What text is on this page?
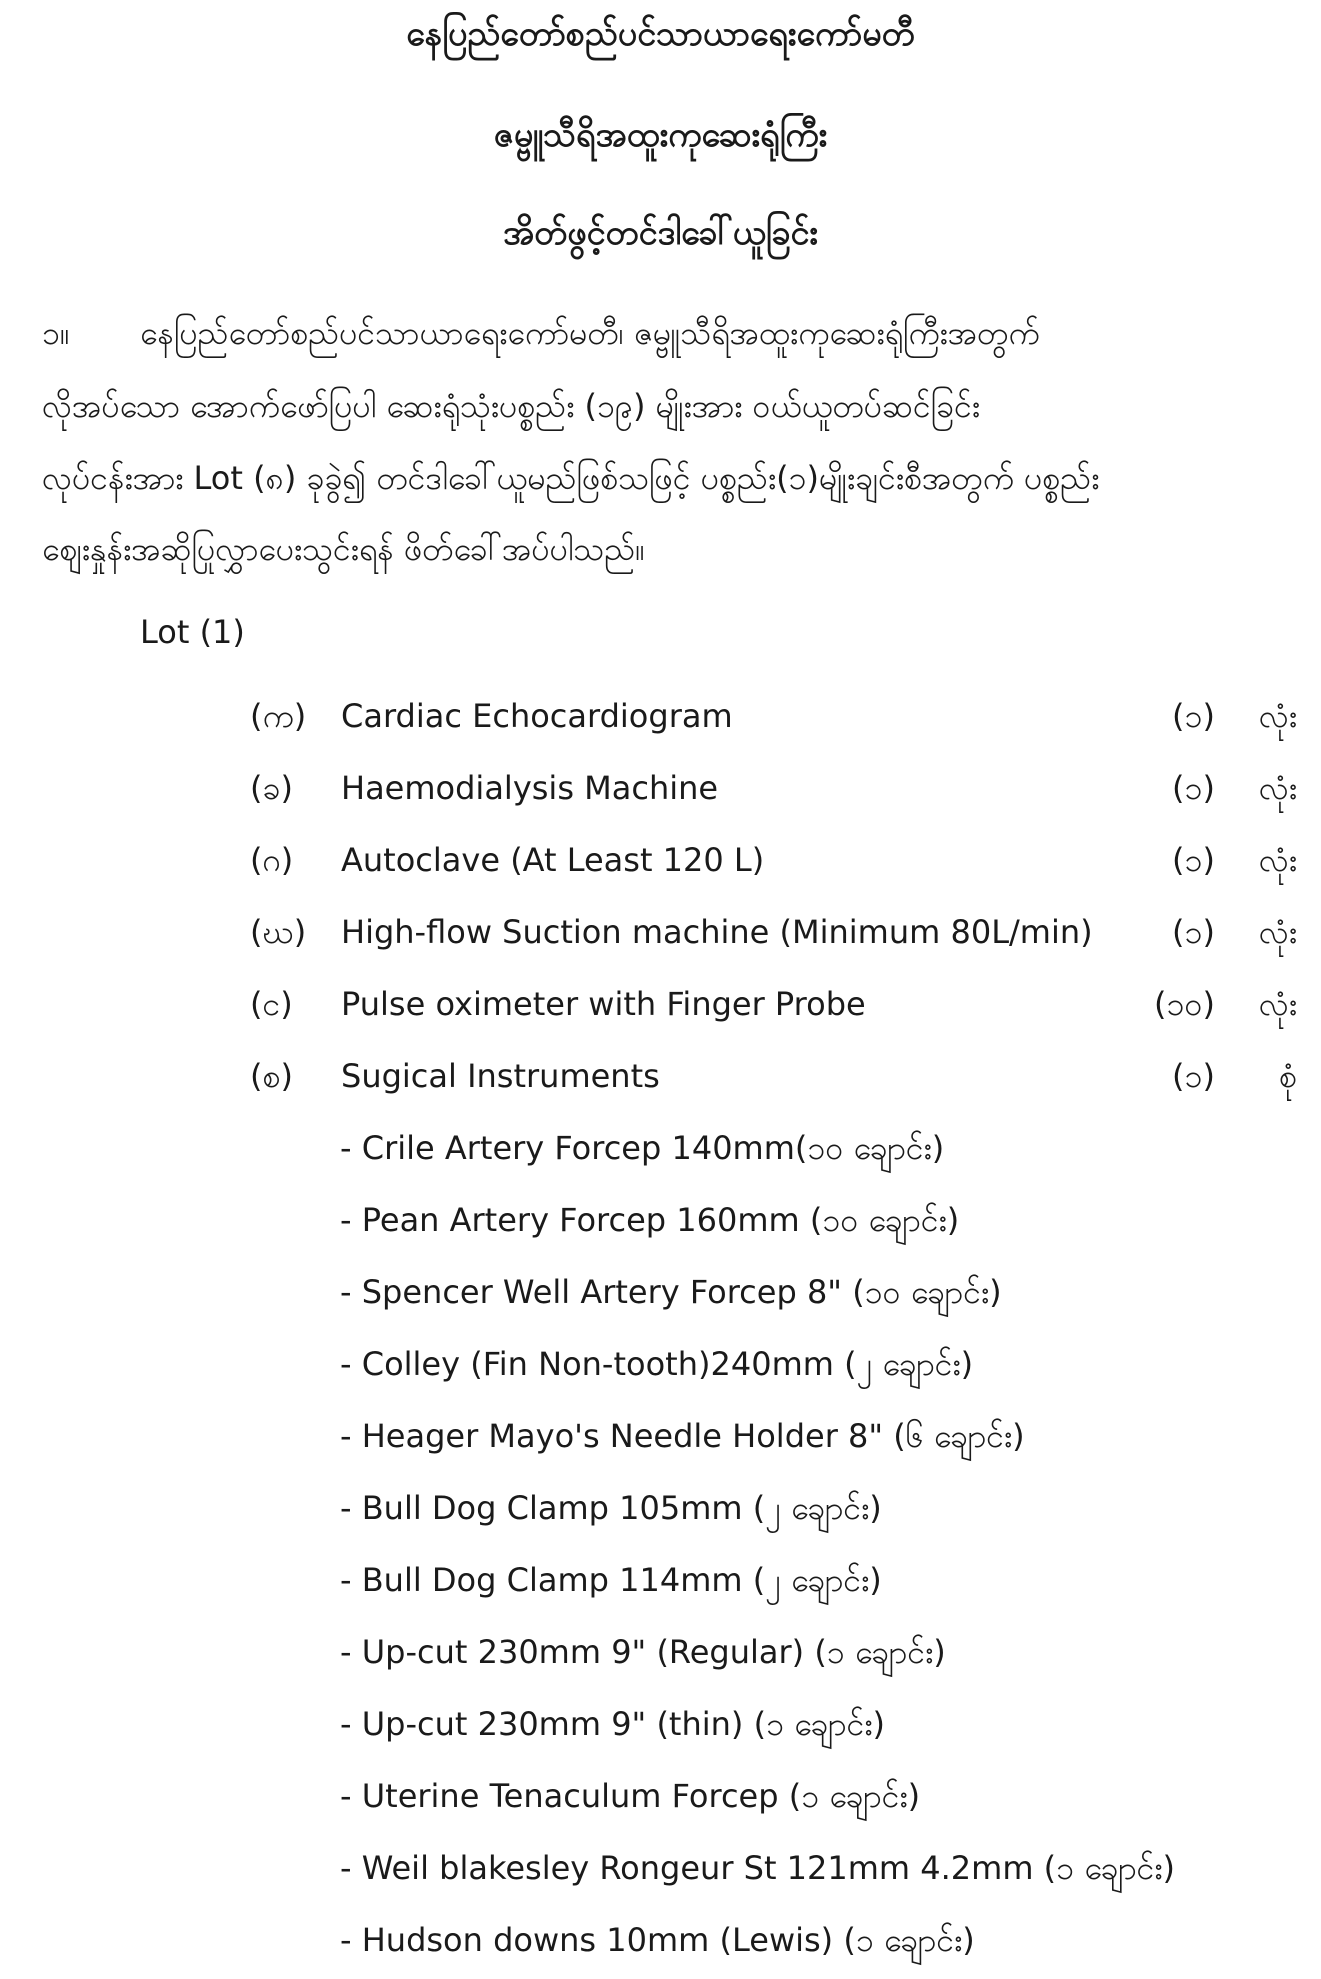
နေပြည်တော်စည်ပင်သာယာရေးကော်မတီ
ဇမ္ဗူသီရိအထူးကုဆေးရုံကြီး
အိတ်ဖွင့်တင်ဒါခေါ်ယူခြင်း
၁။ နေပြည်တော်စည်ပင်သာယာရေးကော်မတီ၊ ဇမ္ဗူသီရိအထူးကုဆေးရုံကြီးအတွက်
လိုအပ်သော အောက်ဖော်ပြပါ ဆေးရုံသုံးပစ္စည်း (၁၉) မျိုးအား ဝယ်ယူတပ်ဆင်ခြင်း
လုပ်ငန်းအား Lot (၈) ခုခွဲ၍ တင်ဒါခေါ်ယူမည်ဖြစ်သဖြင့် ပစ္စည်း(၁)မျိုးချင်းစီအတွက် ပစ္စည်း
ဈေးနှုန်းအဆိုပြုလွှာပေးသွင်းရန် ဖိတ်ခေါ်အပ်ပါသည်။
Lot (1)
(က)	Cardiac Echocardiogram	(၁)	လုံး
(ခ)	Haemodialysis Machine	(၁)	လုံး
(ဂ)	Autoclave (At Least 120 L)	(၁)	လုံး
(ဃ)	High-flow Suction machine (Minimum 80L/min)	(၁)	လုံး
(င)	Pulse oximeter with Finger Probe	(၁၀)	လုံး
(စ)	Sugical Instruments	(၁)	စုံ
- Crile Artery Forcep 140mm(၁၀ ချောင်း)
- Pean Artery Forcep 160mm (၁၀ ချောင်း)
- Spencer Well Artery Forcep 8" (၁၀ ချောင်း)
- Colley (Fin Non-tooth)240mm (၂ ချောင်း)
- Heager Mayo's Needle Holder 8" (၆ ချောင်း)
- Bull Dog Clamp 105mm (၂ ချောင်း)
- Bull Dog Clamp 114mm (၂ ချောင်း)
- Up-cut 230mm 9" (Regular) (၁ ချောင်း)
- Up-cut 230mm 9" (thin) (၁ ချောင်း)
- Uterine Tenaculum Forcep (၁ ချောင်း)
- Weil blakesley Rongeur St 121mm 4.2mm (၁ ချောင်း)
- Hudson downs 10mm (Lewis) (၁ ချောင်း)
